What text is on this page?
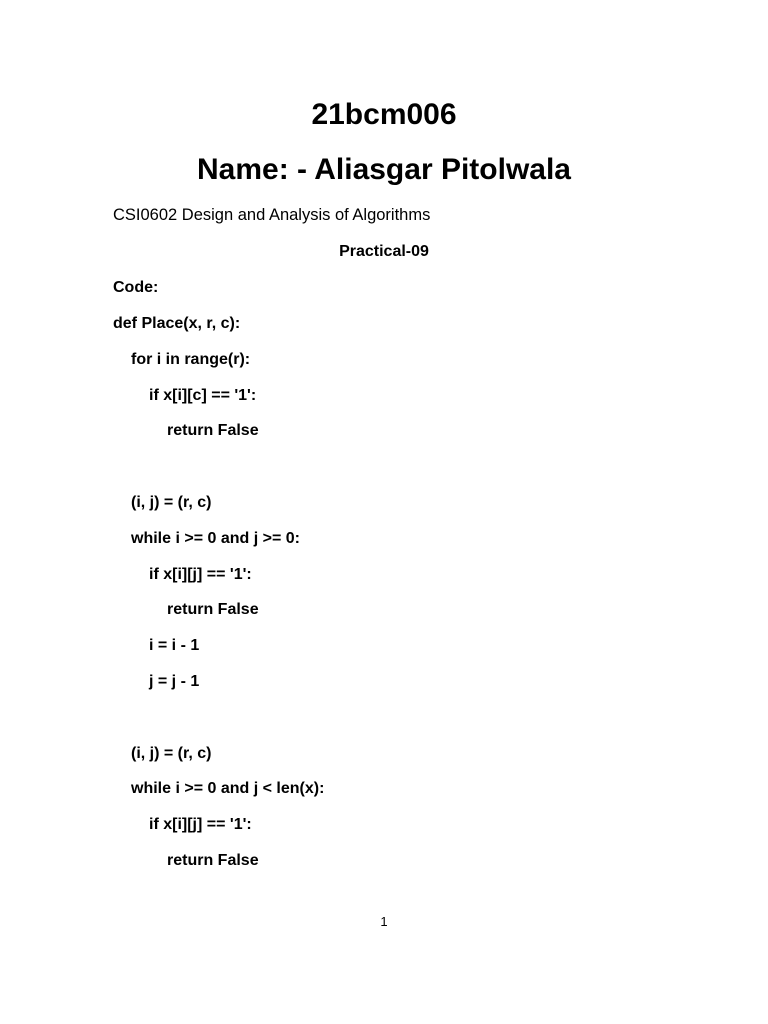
21bcm006
Name: - Aliasgar Pitolwala
CSI0602 Design and Analysis of Algorithms
Practical-09
Code:
def Place(x, r, c):
for i in range(r):
if x[i][c] == '1':
return False
(i, j) = (r, c)
while i >= 0 and j >= 0:
if x[i][j] == '1':
return False
i = i - 1
j = j - 1
(i, j) = (r, c)
while i >= 0 and j < len(x):
if x[i][j] == '1':
return False
1
